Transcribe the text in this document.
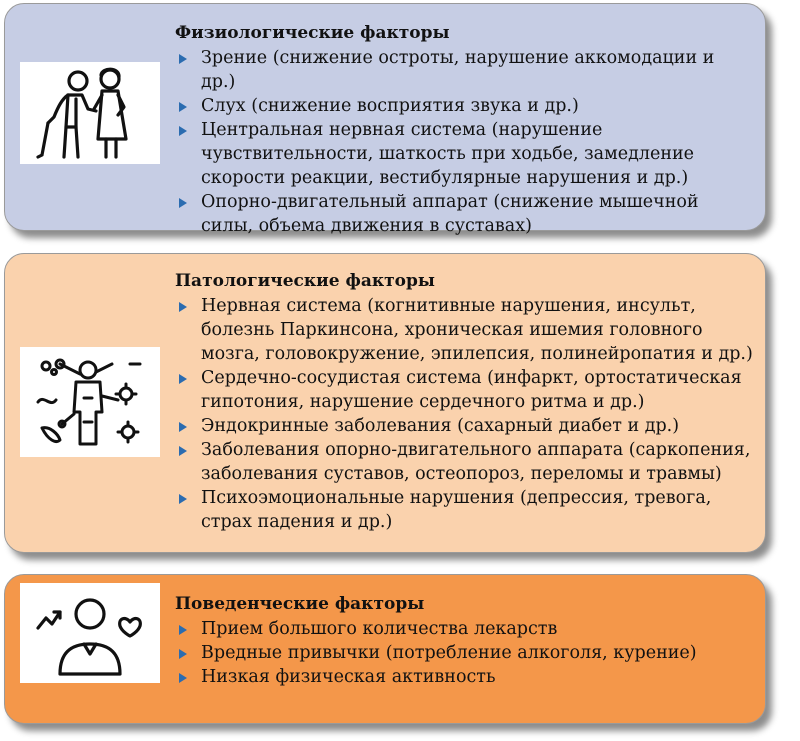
Физиологические факторы
Зрение (снижение остроты, нарушение аккомодации и др.)
Слух (снижение восприятия звука и др.)
Центральная нервная система (нарушение чувствительности, шаткость при ходьбе, замедление скорости реакции, вестибулярные нарушения и др.)
Опорно-двигательный аппарат (снижение мышечной силы, объема движения в суставах)
Патологические факторы
Нервная система (когнитивные нарушения, инсульт, болезнь Паркинсона, хроническая ишемия головного мозга, головокружение, эпилепсия, полинейропатия и др.)
Сердечно-сосудистая система (инфаркт, ортостатическая гипотония, нарушение сердечного ритма и др.)
Эндокринные заболевания (сахарный диабет и др.)
Заболевания опорно-двигательного аппарата (саркопения, заболевания суставов, остеопороз, переломы и травмы)
Психоэмоциональные нарушения (депрессия, тревога, страх падения и др.)
Поведенческие факторы
Прием большого количества лекарств
Вредные привычки (потребление алкоголя, курение)
Низкая физическая активность
